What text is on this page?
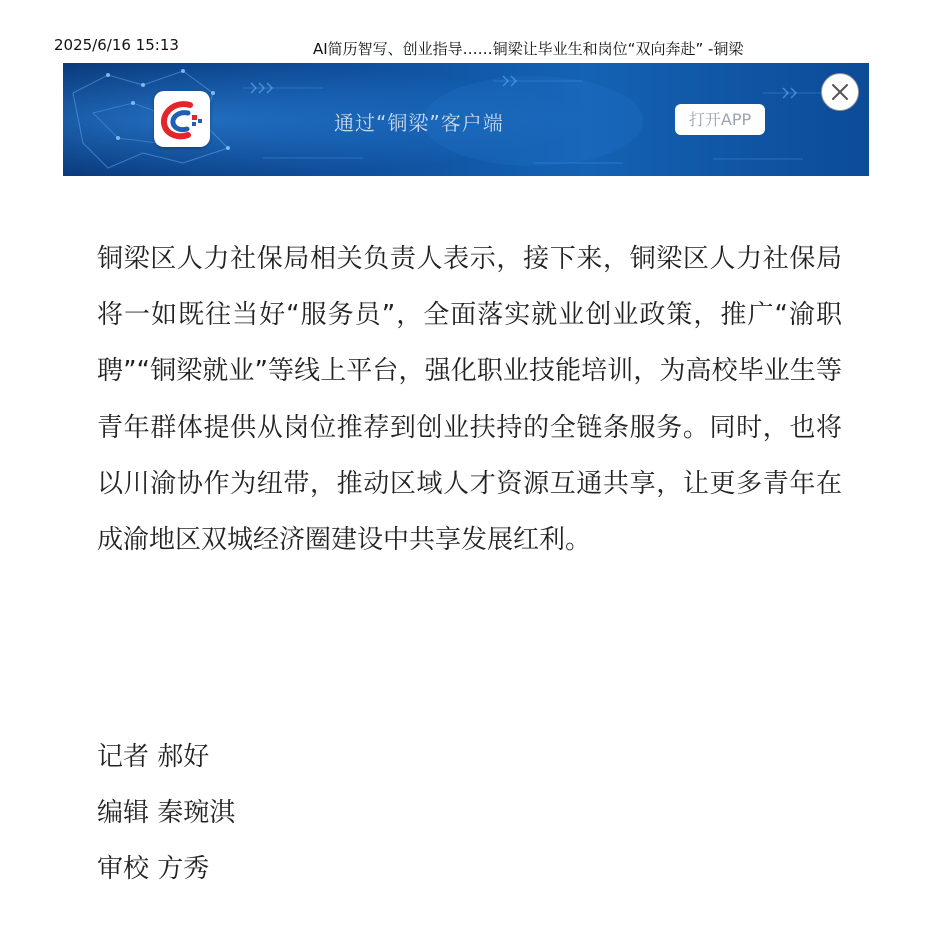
2025/6/16 15:13	AI简历智写、创业指导……铜梁让毕业生和岗位“双向奔赴” -铜梁
通过“铜梁”客户端	打开APP

铜梁区人力社保局相关负责人表示，接下来，铜梁区人力社保局将一如既往当好“服务员”，全面落实就业创业政策，推广“渝职聘”“铜梁就业”等线上平台，强化职业技能培训，为高校毕业生等青年群体提供从岗位推荐到创业扶持的全链条服务。同时，也将以川渝协作为纽带，推动区域人才资源互通共享，让更多青年在成渝地区双城经济圈建设中共享发展红利。

记者 郝好
编辑 秦琬淇
审校 方秀
